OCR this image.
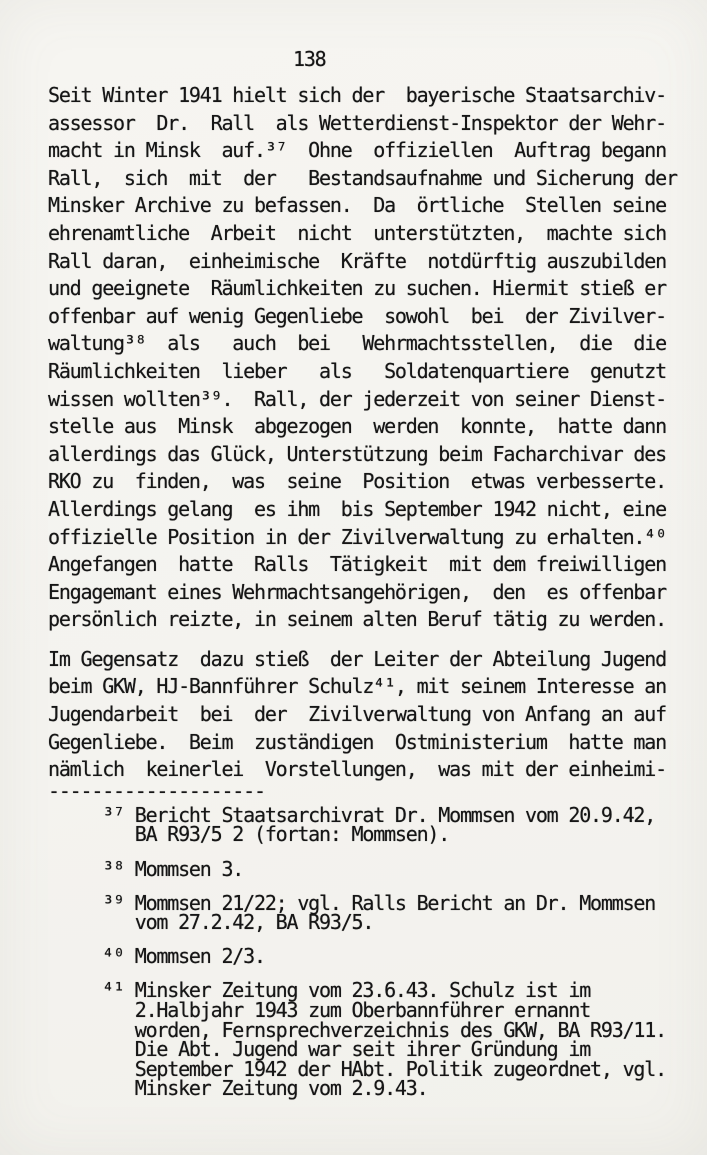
138
Seit Winter 1941 hielt sich der  bayerische Staatsarchiv-
assessor  Dr.  Rall  als Wetterdienst-Inspektor der Wehr-
macht in Minsk  auf.³⁷  Ohne  offiziellen  Auftrag begann
Rall,  sich  mit  der   Bestandsaufnahme und Sicherung der
Minsker Archive zu befassen.  Da  örtliche  Stellen seine
ehrenamtliche  Arbeit  nicht  unterstützten,  machte sich
Rall daran,  einheimische  Kräfte  notdürftig auszubilden
und geeignete  Räumlichkeiten zu suchen. Hiermit stieß er
offenbar auf wenig Gegenliebe  sowohl  bei  der Zivilver-
waltung³⁸  als   auch  bei   Wehrmachtsstellen,  die  die
Räumlichkeiten  lieber   als   Soldatenquartiere  genutzt
wissen wollten³⁹.  Rall, der jederzeit von seiner Dienst-
stelle aus  Minsk  abgezogen  werden  konnte,  hatte dann
allerdings das Glück, Unterstützung beim Facharchivar des
RKO zu  finden,  was  seine  Position  etwas verbesserte.
Allerdings gelang  es ihm  bis September 1942 nicht, eine
offizielle Position in der Zivilverwaltung zu erhalten.⁴⁰
Angefangen  hatte  Ralls  Tätigkeit  mit dem freiwilligen
Engagemant eines Wehrmachtsangehörigen,  den  es offenbar
persönlich reizte, in seinem alten Beruf tätig zu werden.
Im Gegensatz  dazu stieß  der Leiter der Abteilung Jugend
beim GKW, HJ-Bannführer Schulz⁴¹, mit seinem Interesse an
Jugendarbeit  bei  der  Zivilverwaltung von Anfang an auf
Gegenliebe.  Beim  zuständigen  Ostministerium  hatte man
nämlich  keinerlei  Vorstellungen,  was mit der einheimi-
--------------------
³⁷ Bericht Staatsarchivrat Dr. Mommsen vom 20.9.42,
BA R93/5 2 (fortan: Mommsen).
³⁸ Mommsen 3.
³⁹ Mommsen 21/22; vgl. Ralls Bericht an Dr. Mommsen
vom 27.2.42, BA R93/5.
⁴⁰ Mommsen 2/3.
⁴¹ Minsker Zeitung vom 23.6.43. Schulz ist im
2.Halbjahr 1943 zum Oberbannführer ernannt
worden, Fernsprechverzeichnis des GKW, BA R93/11.
Die Abt. Jugend war seit ihrer Gründung im
September 1942 der HAbt. Politik zugeordnet, vgl.
Minsker Zeitung vom 2.9.43.
